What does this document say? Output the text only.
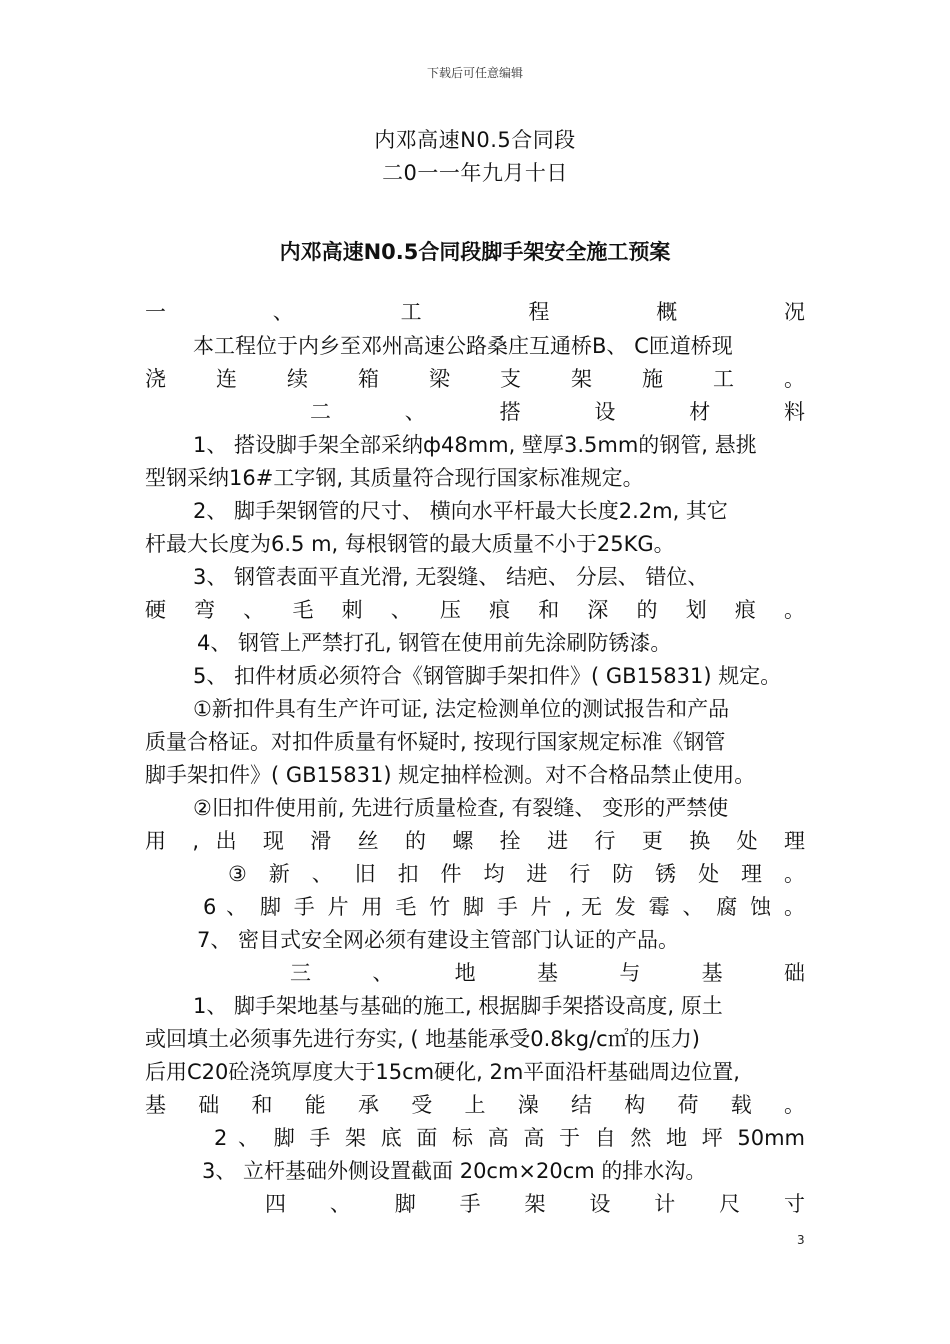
下载后可任意编辑
内邓高速N0.5合同段
二0一一年九月十日
内邓高速N0.5合同段脚手架安全施工预案
一 、 工 程 概 况
本工程位于内乡至邓州高速公路桑庄互通桥B、 C匝道桥现
浇 连 续 箱 梁 支 架 施 工 。
二 、 搭 设 材 料
1、 搭设脚手架全部采纳ф48mm, 壁厚3.5mm的钢管, 悬挑
型钢采纳16#工字钢, 其质量符合现行国家标准规定。
2、 脚手架钢管的尺寸、 横向水平杆最大长度2.2m, 其它
杆最大长度为6.5 m, 每根钢管的最大质量不小于25KG。
3、 钢管表面平直光滑, 无裂缝、 结疤、 分层、 错位、
硬 弯 、 毛 刺 、 压 痕 和 深 的 划 痕 。
4、 钢管上严禁打孔, 钢管在使用前先涂刷防锈漆。
5、 扣件材质必须符合《钢管脚手架扣件》( GB15831) 规定。
①新扣件具有生产许可证, 法定检测单位的测试报告和产品
质量合格证。对扣件质量有怀疑时, 按现行国家规定标准《钢管
脚手架扣件》( GB15831) 规定抽样检测。对不合格品禁止使用。
②旧扣件使用前, 先进行质量检查, 有裂缝、 变形的严禁使
用 , 出 现 滑 丝 的 螺 拴 进 行 更 换 处 理
③ 新 、 旧 扣 件 均 进 行 防 锈 处 理 。
6 、 脚 手 片 用 毛 竹 脚 手 片 , 无 发 霉 、 腐 蚀 。
7、 密目式安全网必须有建设主管部门认证的产品。
三 、 地 基 与 基 础
1、 脚手架地基与基础的施工, 根据脚手架搭设高度, 原土
或回填土必须事先进行夯实, ( 地基能承受0.8kg/c㎡的压力)
后用C20砼浇筑厚度大于15cm硬化, 2m平面沿杆基础周边位置,
基 础 和 能 承 受 上 澡 结 构 荷 载 。
2 、 脚 手 架 底 面 标 高 高 于 自 然 地 坪 50mm
3、 立杆基础外侧设置截面 20cm×20cm 的排水沟。
四 、 脚 手 架 设 计 尺 寸
3
